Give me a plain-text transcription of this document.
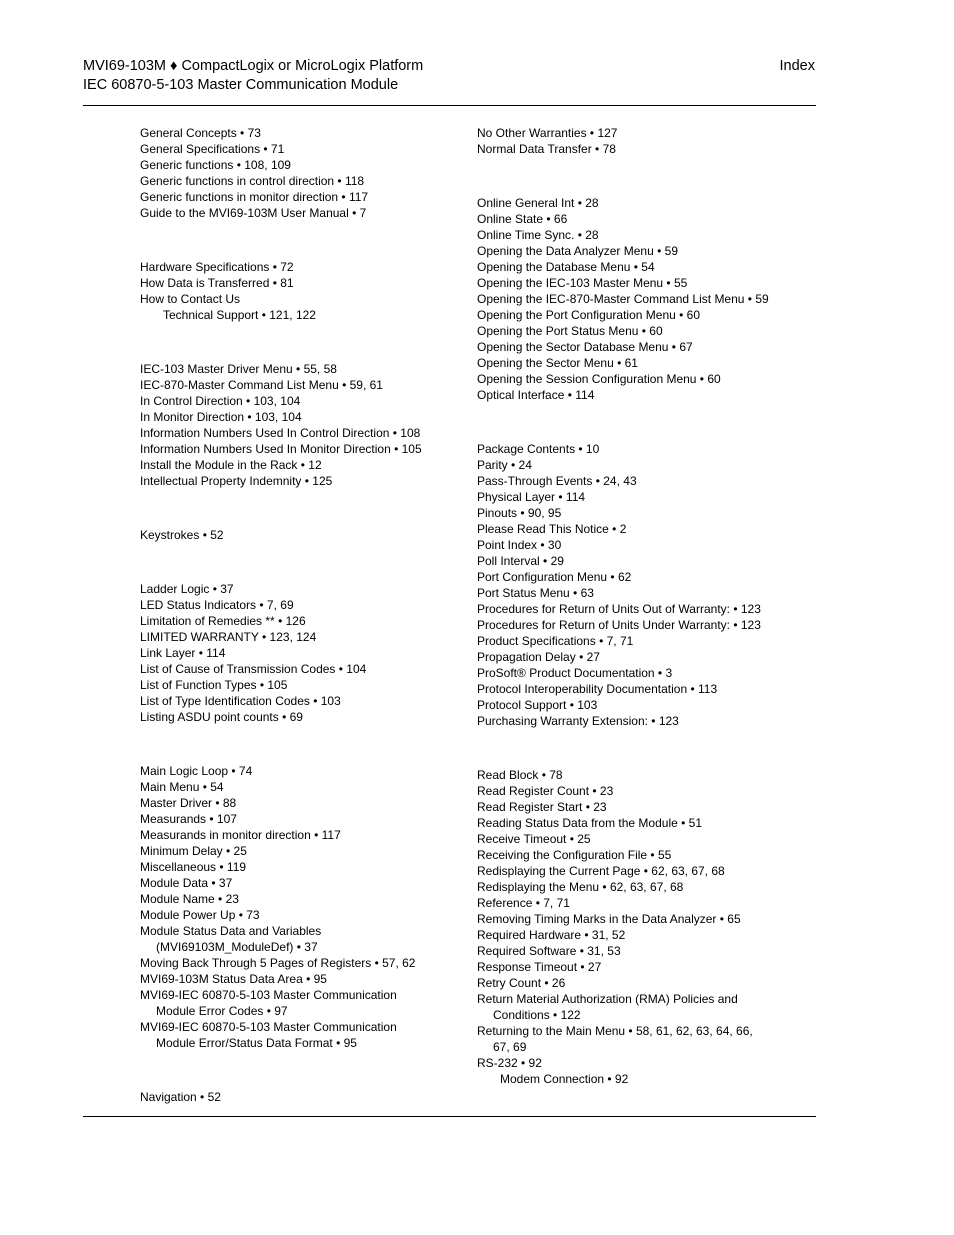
MVI69-103M ♦ CompactLogix or MicroLogix Platform	Index
IEC 60870-5-103 Master Communication Module
General Concepts • 73
General Specifications • 71
Generic functions • 108, 109
Generic functions in control direction • 118
Generic functions in monitor direction • 117
Guide to the MVI69-103M User Manual • 7
Hardware Specifications • 72
How Data is Transferred • 81
How to Contact Us
Technical Support • 121, 122
IEC-103 Master Driver Menu • 55, 58
IEC-870-Master Command List Menu • 59, 61
In Control Direction • 103, 104
In Monitor Direction • 103, 104
Information Numbers Used In Control Direction • 108
Information Numbers Used In Monitor Direction • 105
Install the Module in the Rack • 12
Intellectual Property Indemnity • 125
Keystrokes • 52
Ladder Logic • 37
LED Status Indicators • 7, 69
Limitation of Remedies ** • 126
LIMITED WARRANTY • 123, 124
Link Layer • 114
List of Cause of Transmission Codes • 104
List of Function Types • 105
List of Type Identification Codes • 103
Listing ASDU point counts • 69
Main Logic Loop • 74
Main Menu • 54
Master Driver • 88
Measurands • 107
Measurands in monitor direction • 117
Minimum Delay • 25
Miscellaneous • 119
Module Data • 37
Module Name • 23
Module Power Up • 73
Module Status Data and Variables
(MVI69103M_ModuleDef) • 37
Moving Back Through 5 Pages of Registers • 57, 62
MVI69-103M Status Data Area • 95
MVI69-IEC 60870-5-103 Master Communication
Module Error Codes • 97
MVI69-IEC 60870-5-103 Master Communication
Module Error/Status Data Format • 95
Navigation • 52
No Other Warranties • 127
Normal Data Transfer • 78
Online General Int • 28
Online State • 66
Online Time Sync. • 28
Opening the Data Analyzer Menu • 59
Opening the Database Menu • 54
Opening the IEC-103 Master Menu • 55
Opening the IEC-870-Master Command List Menu • 59
Opening the Port Configuration Menu • 60
Opening the Port Status Menu • 60
Opening the Sector Database Menu • 67
Opening the Sector Menu • 61
Opening the Session Configuration Menu • 60
Optical Interface • 114
Package Contents • 10
Parity • 24
Pass-Through Events • 24, 43
Physical Layer • 114
Pinouts • 90, 95
Please Read This Notice • 2
Point Index • 30
Poll Interval • 29
Port Configuration Menu • 62
Port Status Menu • 63
Procedures for Return of Units Out of Warranty: • 123
Procedures for Return of Units Under Warranty: • 123
Product Specifications • 7, 71
Propagation Delay • 27
ProSoft® Product Documentation • 3
Protocol Interoperability Documentation • 113
Protocol Support • 103
Purchasing Warranty Extension: • 123
Read Block • 78
Read Register Count • 23
Read Register Start • 23
Reading Status Data from the Module • 51
Receive Timeout • 25
Receiving the Configuration File • 55
Redisplaying the Current Page • 62, 63, 67, 68
Redisplaying the Menu • 62, 63, 67, 68
Reference • 7, 71
Removing Timing Marks in the Data Analyzer • 65
Required Hardware • 31, 52
Required Software • 31, 53
Response Timeout • 27
Retry Count • 26
Return Material Authorization (RMA) Policies and
Conditions • 122
Returning to the Main Menu • 58, 61, 62, 63, 64, 66,
67, 69
RS-232 • 92
Modem Connection • 92
